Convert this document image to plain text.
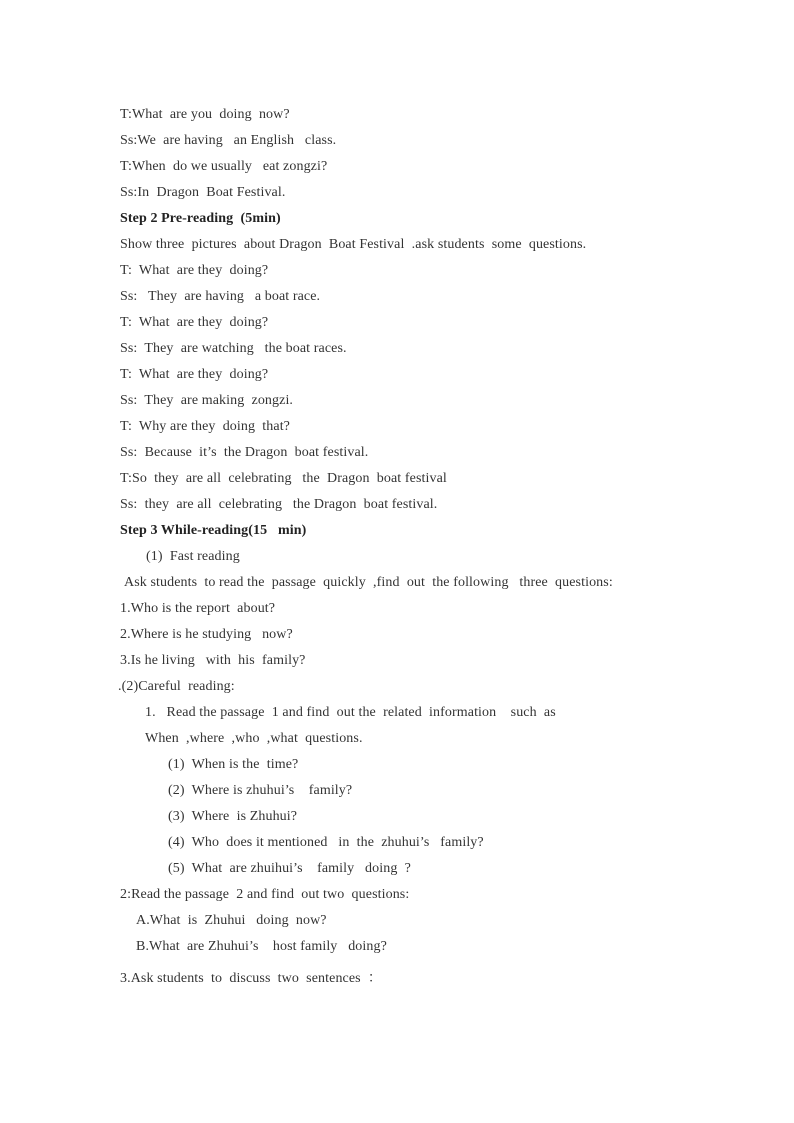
T:What  are you  doing  now?
Ss:We  are having   an English   class.
T:When  do we usually   eat zongzi?
Ss:In  Dragon  Boat Festival.
Step 2 Pre-reading  (5min)
Show three  pictures  about Dragon  Boat Festival  .ask students  some  questions.
T:  What  are they  doing?
Ss:   They  are having   a boat race.
T:  What  are they  doing?
Ss:  They  are watching   the boat races.
T:  What  are they  doing?
Ss:  They  are making  zongzi.
T:  Why are they  doing  that?
Ss:  Because  it’s  the Dragon  boat festival.
T:So  they  are all  celebrating   the  Dragon  boat festival
Ss:  they  are all  celebrating   the Dragon  boat festival.
Step 3 While-reading(15   min)
(1)  Fast reading
Ask students  to read the  passage  quickly  ,find  out  the following   three  questions:
1.Who is the report  about?
2.Where is he studying   now?
3.Is he living   with  his  family?
.(2)Careful  reading:
1.   Read the passage  1 and find  out the  related  information    such  as
When  ,where  ,who  ,what  questions.
(1)  When is the  time?
(2)  Where is zhuhui’s    family?
(3)  Where  is Zhuhui?
(4)  Who  does it mentioned   in  the  zhuhui’s   family?
(5)  What  are zhuihui’s    family   doing  ?
2:Read the passage  2 and find  out two  questions:
A.What  is  Zhuhui   doing  now?
B.What  are Zhuhui’s    host family   doing?
3.Ask students  to  discuss  two  sentences  ：
